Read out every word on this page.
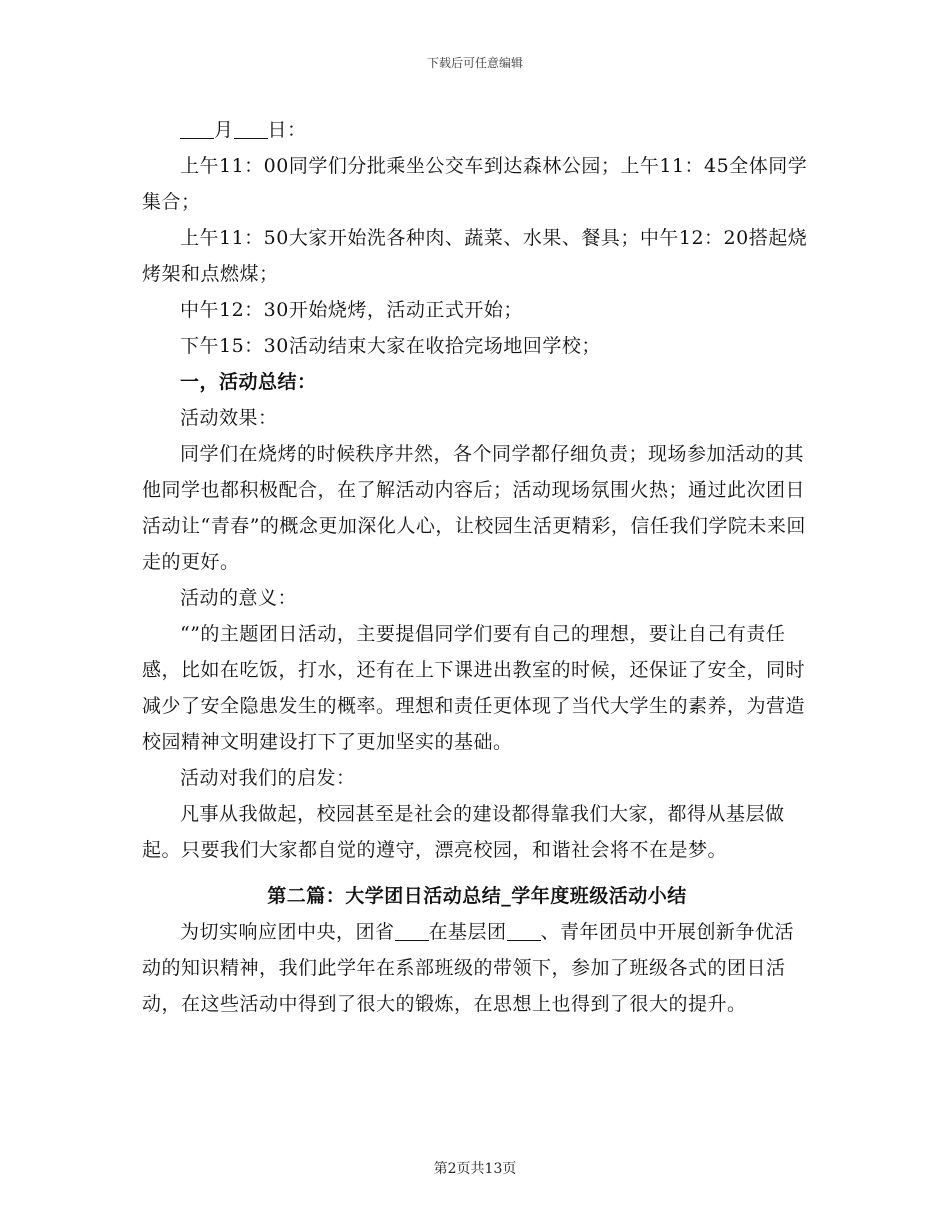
下载后可任意编辑

月 日：

上午11：00同学们分批乘坐公交车到达森林公园；上午11：45全体同学集合；

上午11：50大家开始洗各种肉、蔬菜、水果、餐具；中午12：20搭起烧烤架和点燃煤；

中午12：30开始烧烤，活动正式开始；

下午15：30活动结束大家在收拾完场地回学校；

一，活动总结：

活动效果：

同学们在烧烤的时候秩序井然，各个同学都仔细负责；现场参加活动的其他同学也都积极配合，在了解活动内容后；活动现场氛围火热；通过此次团日活动让“青春”的概念更加深化人心，让校园生活更精彩，信任我们学院未来回走的更好。

活动的意义：

“”的主题团日活动，主要提倡同学们要有自己的理想，要让自己有责任感，比如在吃饭，打水，还有在上下课进出教室的时候，还保证了安全，同时减少了安全隐患发生的概率。理想和责任更体现了当代大学生的素养，为营造校园精神文明建设打下了更加坚实的基础。

活动对我们的启发：

凡事从我做起，校园甚至是社会的建设都得靠我们大家，都得从基层做起。只要我们大家都自觉的遵守，漂亮校园，和谐社会将不在是梦。

第二篇：大学团日活动总结_学年度班级活动小结

为切实响应团中央，团省 在基层团 、青年团员中开展创新争优活动的知识精神，我们此学年在系部班级的带领下，参加了班级各式的团日活动，在这些活动中得到了很大的锻炼，在思想上也得到了很大的提升。

第2页共13页
